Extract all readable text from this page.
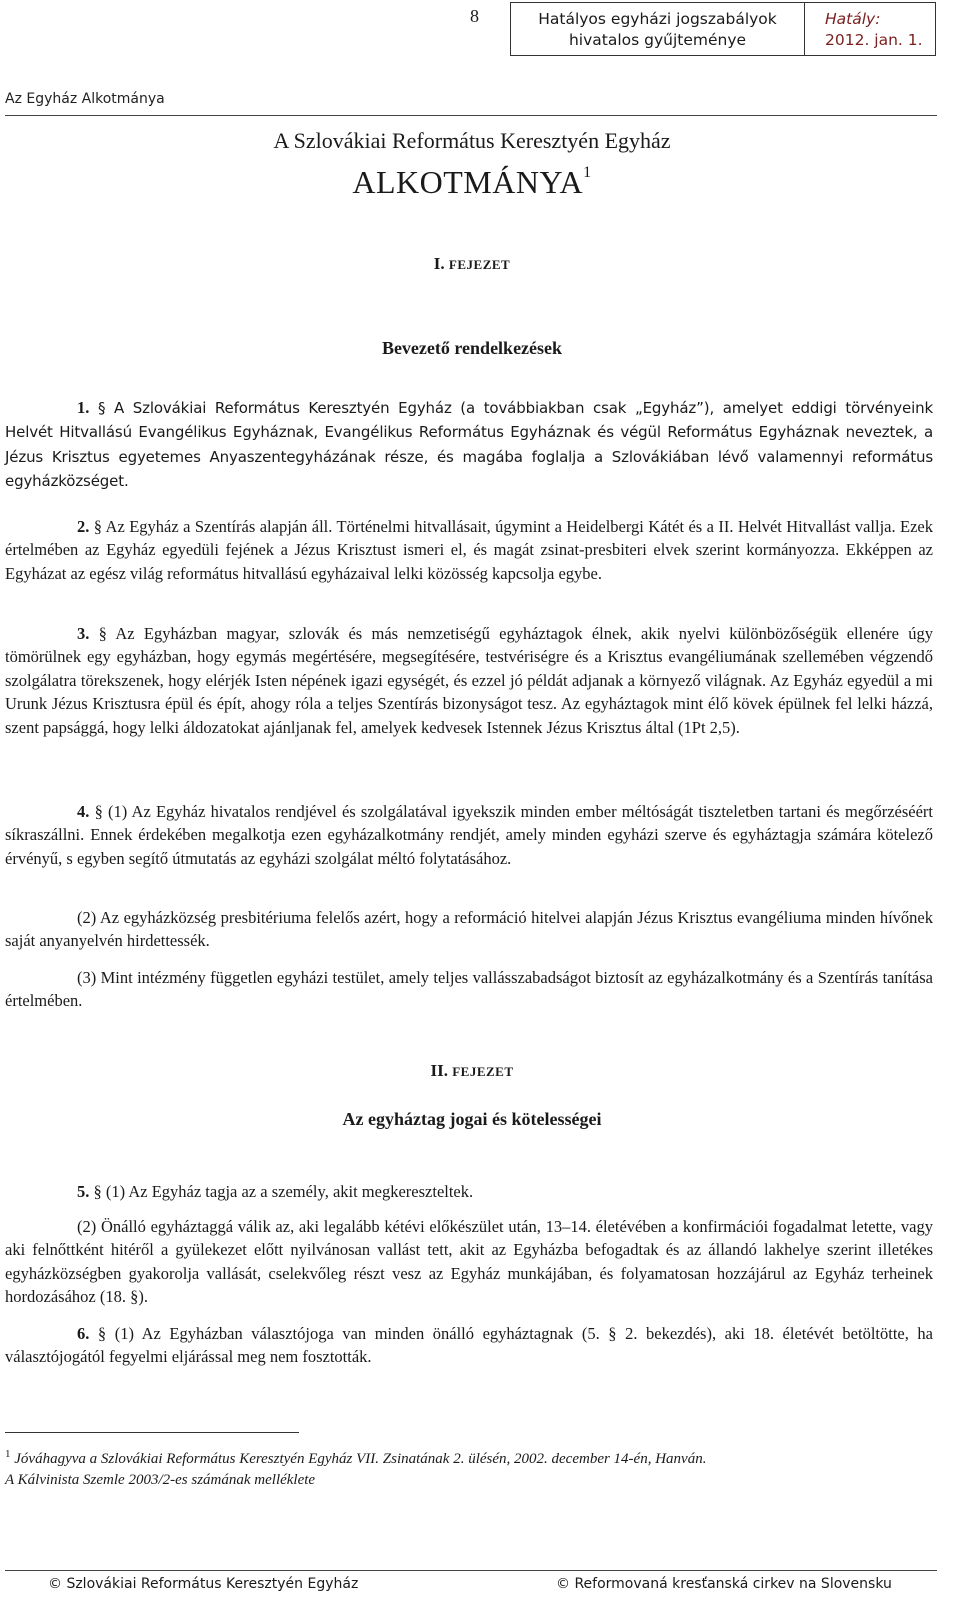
8	Hatályos egyházi jogszabályok
hivatalos gyűjteménye
Hatály:
2012. jan. 1.
Az Egyház Alkotmánya
A Szlovákiai Református Keresztyén Egyház
ALKOTMÁNYA$^1$
I. FEJEZET
Bevezető rendelkezések

1. § A Szlovákiai Református Keresztyén Egyház (a továbbiakban csak „Egyház”), amelyet eddigi törvényeink Helvét Hitvallású Evangélikus Egyháznak, Evangélikus Református Egyháznak és végül Református Egyháznak neveztek, a Jézus Krisztus egyetemes Anyaszentegyházának része, és magába foglalja a Szlovákiában lévő valamennyi református egyházközséget.

2. § Az Egyház a Szentírás alapján áll. Történelmi hitvallásait, úgymint a Heidelbergi Kátét és a II. Helvét Hitvallást vallja. Ezek értelmében az Egyház egyedüli fejének a Jézus Krisztust ismeri el, és magát zsinat-presbiteri elvek szerint kormányozza. Ekképpen az Egyházat az egész világ református hitvallású egyházaival lelki közösség kapcsolja egybe.

3. § Az Egyházban magyar, szlovák és más nemzetiségű egyháztagok élnek, akik nyelvi különbözőségük ellenére úgy tömörülnek egy egyházban, hogy egymás megértésére, megsegítésére, testvériségre és a Krisztus evangéliumának szellemében végzendő szolgálatra törekszenek, hogy elérjék Isten népének igazi egységét, és ezzel jó példát adjanak a környező világnak. Az Egyház egyedül a mi Urunk Jézus Krisztusra épül és épít, ahogy róla a teljes Szentírás bizonyságot tesz. Az egyháztagok mint élő kövek épülnek fel lelki házzá, szent papsággá, hogy lelki áldozatokat ajánljanak fel, amelyek kedvesek Istennek Jézus Krisztus által (1Pt 2,5).

4. § (1) Az Egyház hivatalos rendjével és szolgálatával igyekszik minden ember méltóságát tiszteletben tartani és megőrzéséért síkraszállni. Ennek érdekében megalkotja ezen egyházalkotmány rendjét, amely minden egyházi szerve és egyháztagja számára kötelező érvényű, s egyben segítő útmutatás az egyházi szolgálat méltó folytatásához.

(2) Az egyházközség presbitériuma felelős azért, hogy a reformáció hitelvei alapján Jézus Krisztus evangéliuma minden hívőnek saját anyanyelvén hirdettessék.

(3) Mint intézmény független egyházi testület, amely teljes vallásszabadságot biztosít az egyházalkotmány és a Szentírás tanítása értelmében.

II. FEJEZET
Az egyháztag jogai és kötelességei

5. § (1) Az Egyház tagja az a személy, akit megkereszteltek.

(2) Önálló egyháztaggá válik az, aki legalább kétévi előkészület után, 13–14. életévében a konfirmációi fogadalmat letette, vagy aki felnőttként hitéről a gyülekezet előtt nyilvánosan vallást tett, akit az Egyházba befogadtak és az állandó lakhelye szerint illetékes egyházközségben gyakorolja vallását, cselekvőleg részt vesz az Egyház munkájában, és folyamatosan hozzájárul az Egyház terheinek hordozásához (18. §).

6. § (1) Az Egyházban választójoga van minden önálló egyháztagnak (5. § 2. bekezdés), aki 18. életévét betöltötte, ha választójogától fegyelmi eljárással meg nem fosztották.

$^1$ Jóváhagyva a Szlovákiai Református Keresztyén Egyház VII. Zsinatának 2. ülésén, 2002. december 14-én, Hanván.
A Kálvinista Szemle 2003/2-es számának melléklete
© Szlovákiai Református Keresztyén Egyház	© Reformovaná kresťanská cirkev na Slovensku
